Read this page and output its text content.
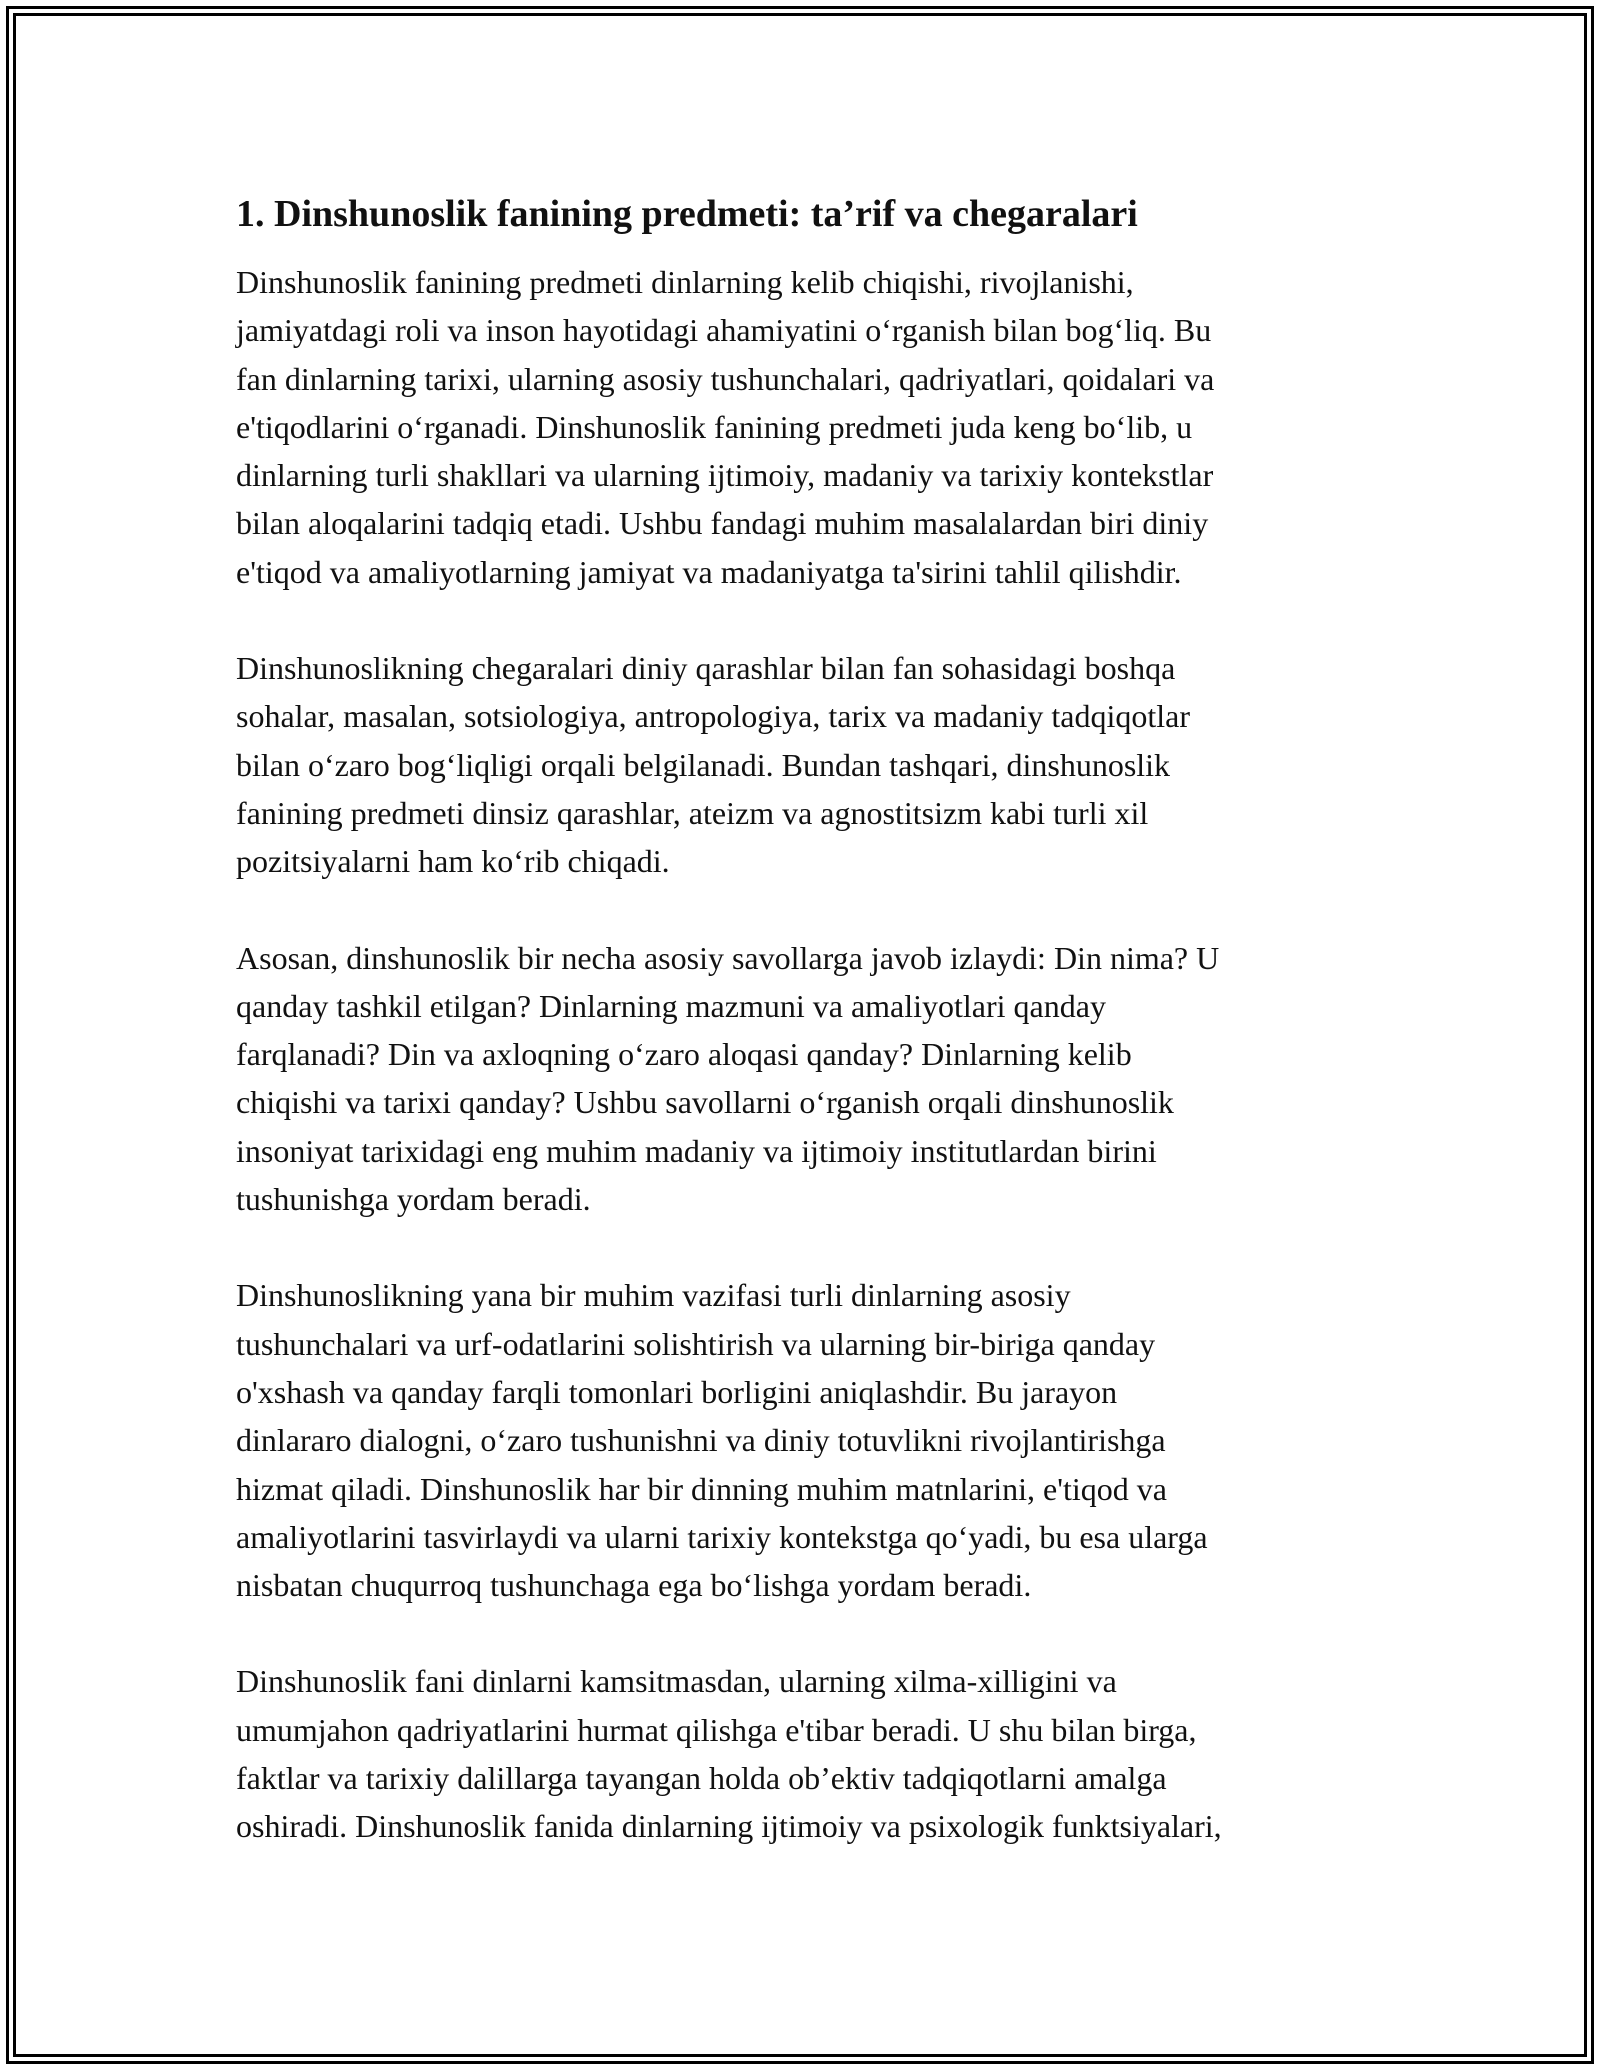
1. Dinshunoslik fanining predmeti: ta’rif va chegaralari

Dinshunoslik fanining predmeti dinlarning kelib chiqishi, rivojlanishi,
jamiyatdagi roli va inson hayotidagi ahamiyatini o‘rganish bilan bog‘liq. Bu
fan dinlarning tarixi, ularning asosiy tushunchalari, qadriyatlari, qoidalari va
e'tiqodlarini o‘rganadi. Dinshunoslik fanining predmeti juda keng bo‘lib, u
dinlarning turli shakllari va ularning ijtimoiy, madaniy va tarixiy kontekstlar
bilan aloqalarini tadqiq etadi. Ushbu fandagi muhim masalalardan biri diniy
e'tiqod va amaliyotlarning jamiyat va madaniyatga ta'sirini tahlil qilishdir.

Dinshunoslikning chegaralari diniy qarashlar bilan fan sohasidagi boshqa
sohalar, masalan, sotsiologiya, antropologiya, tarix va madaniy tadqiqotlar
bilan o‘zaro bog‘liqligi orqali belgilanadi. Bundan tashqari, dinshunoslik
fanining predmeti dinsiz qarashlar, ateizm va agnostitsizm kabi turli xil
pozitsiyalarni ham ko‘rib chiqadi.

Asosan, dinshunoslik bir necha asosiy savollarga javob izlaydi: Din nima? U
qanday tashkil etilgan? Dinlarning mazmuni va amaliyotlari qanday
farqlanadi? Din va axloqning o‘zaro aloqasi qanday? Dinlarning kelib
chiqishi va tarixi qanday? Ushbu savollarni o‘rganish orqali dinshunoslik
insoniyat tarixidagi eng muhim madaniy va ijtimoiy institutlardan birini
tushunishga yordam beradi.

Dinshunoslikning yana bir muhim vazifasi turli dinlarning asosiy
tushunchalari va urf-odatlarini solishtirish va ularning bir-biriga qanday
o'xshash va qanday farqli tomonlari borligini aniqlashdir. Bu jarayon
dinlararo dialogni, o‘zaro tushunishni va diniy totuvlikni rivojlantirishga
hizmat qiladi. Dinshunoslik har bir dinning muhim matnlarini, e'tiqod va
amaliyotlarini tasvirlaydi va ularni tarixiy kontekstga qo‘yadi, bu esa ularga
nisbatan chuqurroq tushunchaga ega bo‘lishga yordam beradi.

Dinshunoslik fani dinlarni kamsitmasdan, ularning xilma-xilligini va
umumjahon qadriyatlarini hurmat qilishga e'tibar beradi. U shu bilan birga,
faktlar va tarixiy dalillarga tayangan holda ob’ektiv tadqiqotlarni amalga
oshiradi. Dinshunoslik fanida dinlarning ijtimoiy va psixologik funktsiyalari,
